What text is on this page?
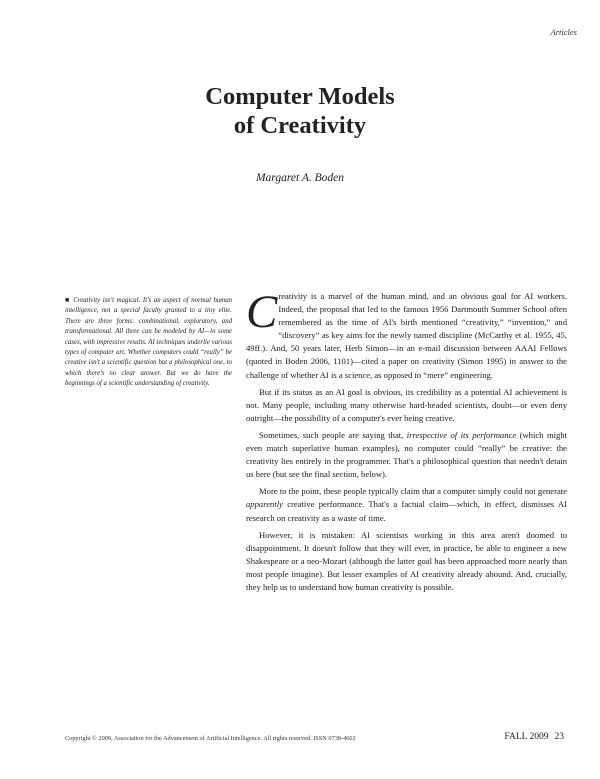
Articles
Computer Models
of Creativity
Margaret A. Boden

■ Creativity isn't magical. It's an aspect of normal human intelligence, not a special faculty granted to a tiny elite. There are three forms: combinational, exploratory, and transformational. All three can be modeled by AI—in some cases, with impressive results. AI techniques underlie various types of computer art. Whether computers could “really” be creative isn't a scientific question but a philosophical one, to which there's no clear answer. But we do have the beginnings of a scientific understanding of creativity.

Creativity is a marvel of the human mind, and an obvious goal for AI workers. Indeed, the proposal that led to the famous 1956 Dartmouth Summer School often remembered as the time of AI's birth mentioned “creativity,” “invention,” and “discovery” as key aims for the newly named discipline (McCarthy et al. 1955, 45, 49ff.). And, 50 years later, Herb Simon—in an e-mail discussion between AAAI Fellows (quoted in Boden 2006, 1101)—cited a paper on creativity (Simon 1995) in answer to the challenge of whether AI is a science, as opposed to “mere” engineering.

But if its status as an AI goal is obvious, its credibility as a potential AI achievement is not. Many people, including many otherwise hard-headed scientists, doubt—or even deny outright—the possibility of a computer's ever being creative.

Sometimes, such people are saying that, irrespective of its performance (which might even match superlative human examples), no computer could “really” be creative: the creativity lies entirely in the programmer. That's a philosophical question that needn't detain us here (but see the final section, below).

More to the point, these people typically claim that a computer simply could not generate apparently creative performance. That's a factual claim—which, in effect, dismisses AI research on creativity as a waste of time.

However, it is mistaken: AI scientists working in this area aren't doomed to disappointment. It doesn't follow that they will ever, in practice, be able to engineer a new Shakespeare or a neo-Mozart (although the latter goal has been approached more nearly than most people imagine). But lesser examples of AI creativity already abound. And, crucially, they help us to understand how human creativity is possible.

Copyright © 2009, Association for the Advancement of Artificial Intelligence. All rights reserved. ISSN 0738-4602	FALL 2009 23
